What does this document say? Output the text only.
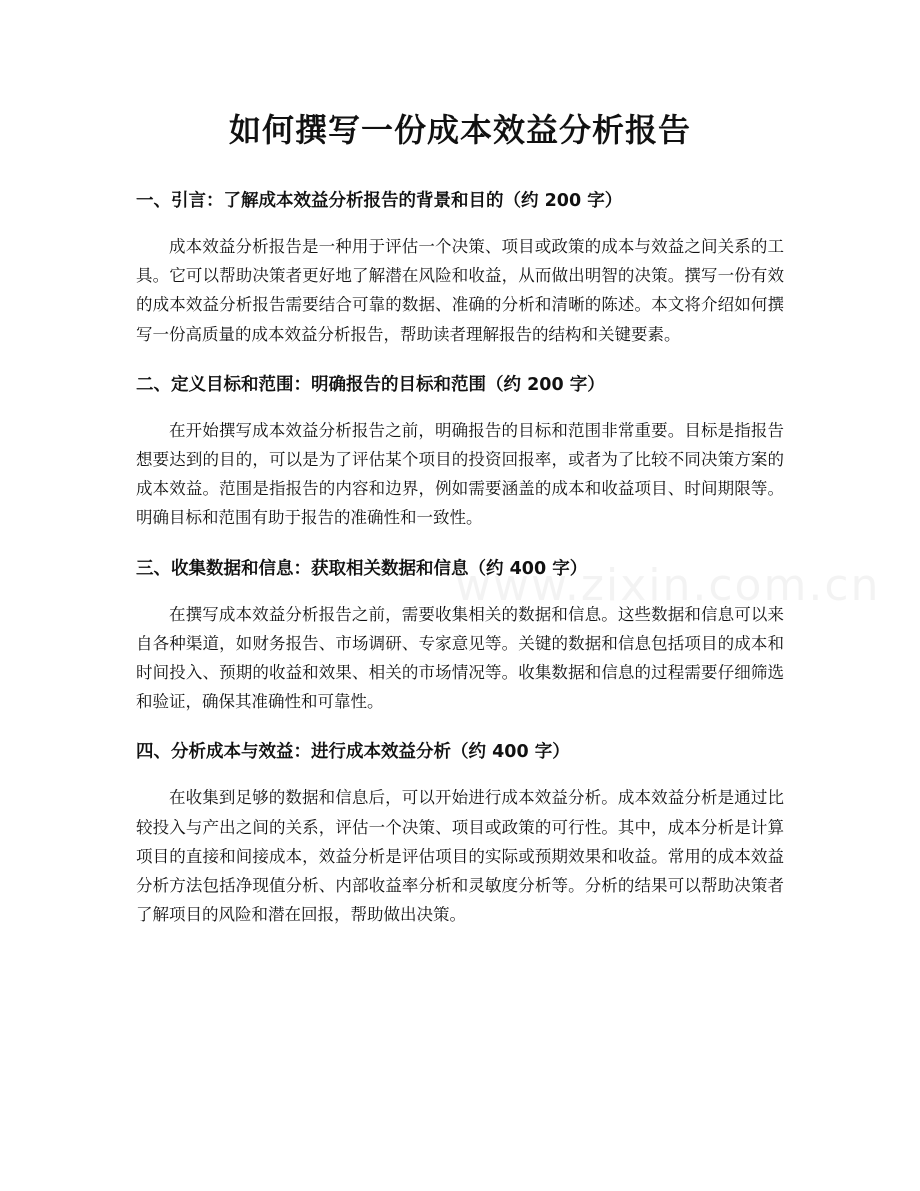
如何撰写一份成本效益分析报告
一、引言：了解成本效益分析报告的背景和目的（约 200 字）

成本效益分析报告是一种用于评估一个决策、项目或政策的成本与效益之间关系的工具。它可以帮助决策者更好地了解潜在风险和收益，从而做出明智的决策。撰写一份有效的成本效益分析报告需要结合可靠的数据、准确的分析和清晰的陈述。本文将介绍如何撰写一份高质量的成本效益分析报告，帮助读者理解报告的结构和关键要素。

二、定义目标和范围：明确报告的目标和范围（约 200 字）

在开始撰写成本效益分析报告之前，明确报告的目标和范围非常重要。目标是指报告想要达到的目的，可以是为了评估某个项目的投资回报率，或者为了比较不同决策方案的成本效益。范围是指报告的内容和边界，例如需要涵盖的成本和收益项目、时间期限等。明确目标和范围有助于报告的准确性和一致性。

三、收集数据和信息：获取相关数据和信息（约 400 字）

在撰写成本效益分析报告之前，需要收集相关的数据和信息。这些数据和信息可以来自各种渠道，如财务报告、市场调研、专家意见等。关键的数据和信息包括项目的成本和时间投入、预期的收益和效果、相关的市场情况等。收集数据和信息的过程需要仔细筛选和验证，确保其准确性和可靠性。

四、分析成本与效益：进行成本效益分析（约 400 字）

在收集到足够的数据和信息后，可以开始进行成本效益分析。成本效益分析是通过比较投入与产出之间的关系，评估一个决策、项目或政策的可行性。其中，成本分析是计算项目的直接和间接成本，效益分析是评估项目的实际或预期效果和收益。常用的成本效益分析方法包括净现值分析、内部收益率分析和灵敏度分析等。分析的结果可以帮助决策者了解项目的风险和潜在回报，帮助做出决策。

www.zixin.com.cn
